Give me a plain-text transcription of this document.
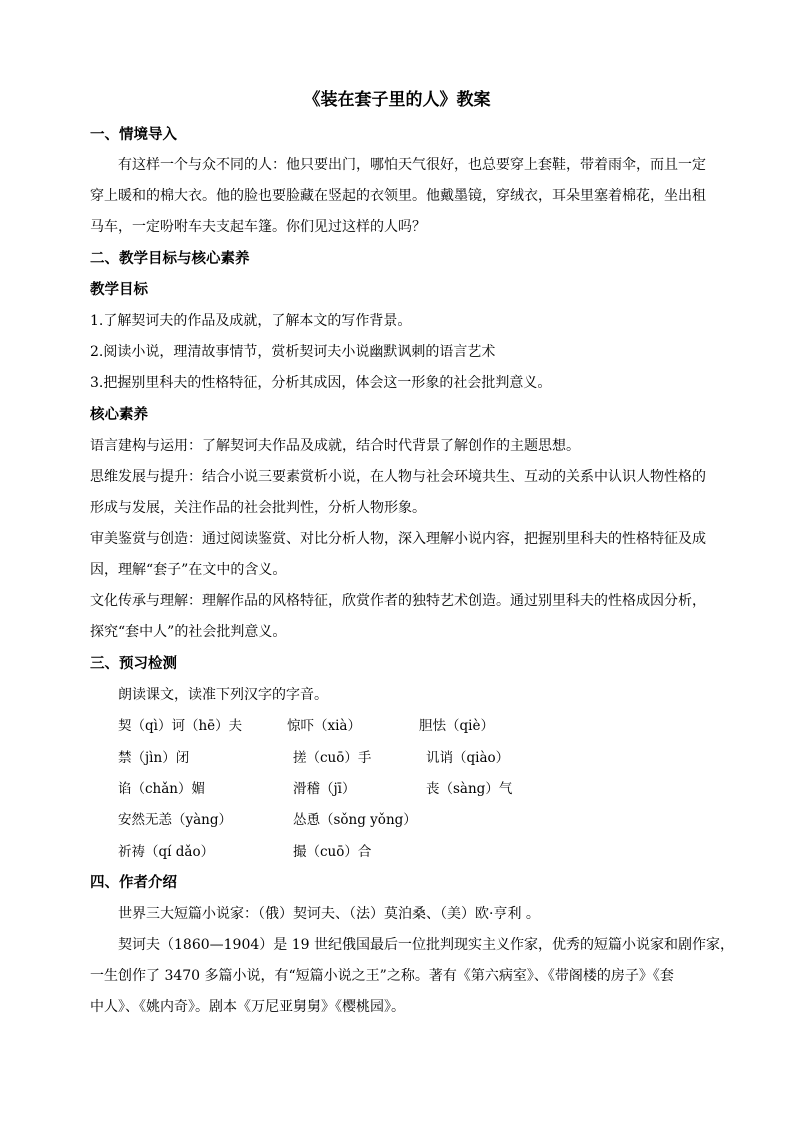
《装在套子里的人》教案
一、情境导入
有这样一个与众不同的人：他只要出门，哪怕天气很好，也总要穿上套鞋，带着雨伞，而且一定
穿上暖和的棉大衣。他的脸也要脸藏在竖起的衣领里。他戴墨镜，穿绒衣，耳朵里塞着棉花，坐出租
马车，一定吩咐车夫支起车篷。你们见过这样的人吗？
二、教学目标与核心素养
教学目标
1.了解契诃夫的作品及成就，了解本文的写作背景。
2.阅读小说，理清故事情节，赏析契诃夫小说幽默讽刺的语言艺术
3.把握别里科夫的性格特征，分析其成因，体会这一形象的社会批判意义。
核心素养
语言建构与运用：了解契诃夫作品及成就，结合时代背景了解创作的主题思想。
思维发展与提升：结合小说三要素赏析小说，在人物与社会环境共生、互动的关系中认识人物性格的
形成与发展，关注作品的社会批判性，分析人物形象。
审美鉴赏与创造：通过阅读鉴赏、对比分析人物，深入理解小说内容，把握别里科夫的性格特征及成
因，理解“套子”在文中的含义。
文化传承与理解：理解作品的风格特征，欣赏作者的独特艺术创造。通过别里科夫的性格成因分析，
探究“套中人”的社会批判意义。
三、预习检测
朗读课文，读准下列汉字的字音。
契（qì）诃（hē）夫	惊吓（xià）	胆怯（qiè）
禁（jìn）闭	搓（cuō）手	讥诮（qiào）
谄（chǎn）媚	滑稽（jī）	丧（sàng）气
安然无恙（yàng）	怂恿（sǒng yǒng）
祈祷（qí dǎo）	撮（cuō）合
四、作者介绍
世界三大短篇小说家：（俄）契诃夫、（法）莫泊桑、（美）欧·亨利 。
契诃夫（1860—1904）是 19 世纪俄国最后一位批判现实主义作家，优秀的短篇小说家和剧作家，
一生创作了 3470 多篇小说，有“短篇小说之王”之称。著有《第六病室》、《带阁楼的房子》《套
中人》、《姚内奇》。剧本《万尼亚舅舅》《樱桃园》。
